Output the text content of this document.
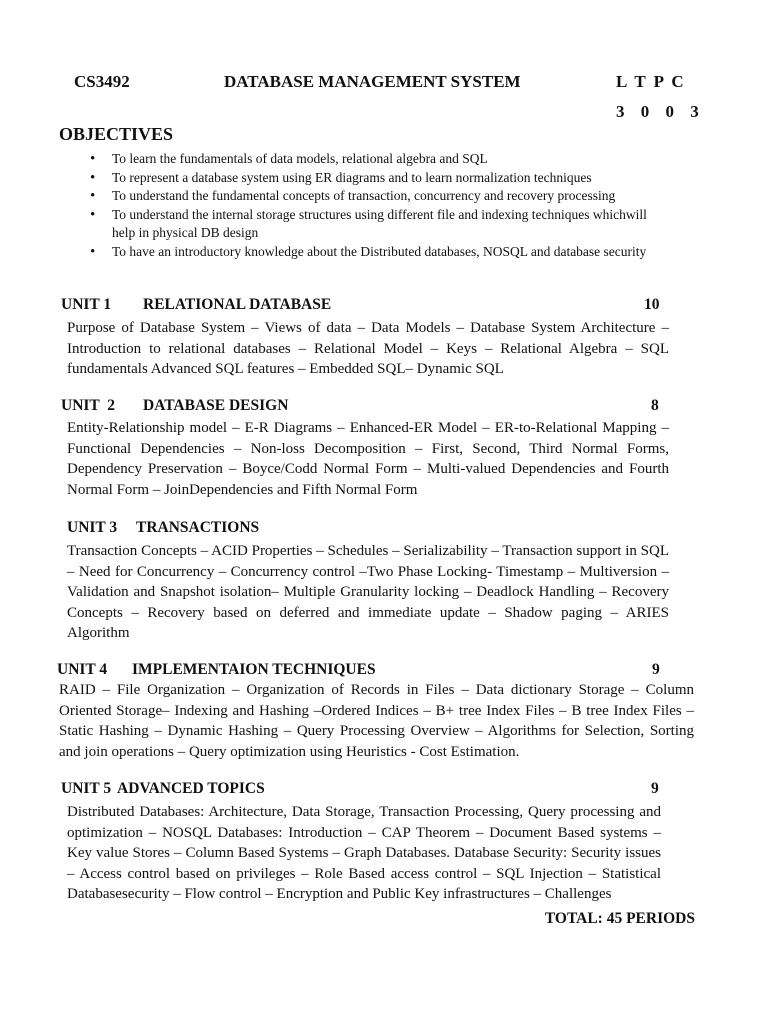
CS3492	DATABASE MANAGEMENT SYSTEM	L T P C
3 0 0 3
OBJECTIVES
• To learn the fundamentals of data models, relational algebra and SQL
• To represent a database system using ER diagrams and to learn normalization techniques
• To understand the fundamental concepts of transaction, concurrency and recovery processing
• To understand the internal storage structures using different file and indexing techniques whichwill help in physical DB design
• To have an introductory knowledge about the Distributed databases, NOSQL and database security
UNIT 1 RELATIONAL DATABASE	10
Purpose of Database System – Views of data – Data Models – Database System Architecture – Introduction to relational databases – Relational Model – Keys – Relational Algebra – SQL fundamentals Advanced SQL features – Embedded SQL– Dynamic SQL
UNIT  2 DATABASE DESIGN	8
Entity-Relationship model – E-R Diagrams – Enhanced-ER Model – ER-to-Relational Mapping – Functional Dependencies – Non-loss Decomposition – First, Second, Third Normal Forms, Dependency Preservation – Boyce/Codd Normal Form – Multi-valued Dependencies and Fourth Normal Form – JoinDependencies and Fifth Normal Form
UNIT 3 TRANSACTIONS
Transaction Concepts – ACID Properties – Schedules – Serializability – Transaction support in SQL – Need for Concurrency – Concurrency control –Two Phase Locking- Timestamp – Multiversion – Validation and Snapshot isolation– Multiple Granularity locking – Deadlock Handling – Recovery Concepts – Recovery based on deferred and immediate update – Shadow paging – ARIES Algorithm
UNIT 4 IMPLEMENTAION TECHNIQUES	9
RAID – File Organization – Organization of Records in Files – Data dictionary Storage – Column Oriented Storage– Indexing and Hashing –Ordered Indices – B+ tree Index Files – B tree Index Files – Static Hashing – Dynamic Hashing – Query Processing Overview – Algorithms for Selection, Sorting and join operations – Query optimization using Heuristics - Cost Estimation.
UNIT 5 ADVANCED TOPICS	9
Distributed Databases: Architecture, Data Storage, Transaction Processing, Query processing and optimization – NOSQL Databases: Introduction – CAP Theorem – Document Based systems – Key value Stores – Column Based Systems – Graph Databases. Database Security: Security issues – Access control based on privileges – Role Based access control – SQL Injection – Statistical Databasesecurity – Flow control – Encryption and Public Key infrastructures – Challenges
TOTAL: 45 PERIODS
